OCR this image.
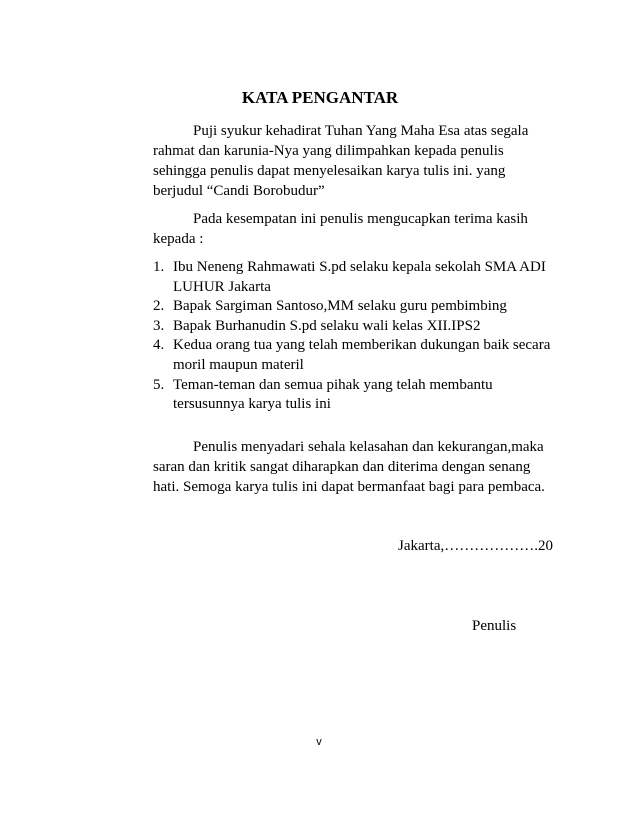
KATA PENGANTAR

Puji syukur kehadirat Tuhan Yang Maha Esa atas segala rahmat dan karunia-Nya yang dilimpahkan kepada penulis sehingga penulis dapat menyelesaikan karya tulis ini. yang berjudul “Candi Borobudur”

Pada kesempatan ini penulis mengucapkan terima kasih kepada :

1. Ibu Neneng Rahmawati S.pd selaku kepala sekolah SMA ADI LUHUR Jakarta
2. Bapak Sargiman Santoso,MM selaku guru pembimbing
3. Bapak Burhanudin S.pd selaku wali kelas XII.IPS2
4. Kedua orang tua yang telah memberikan dukungan baik secara moril maupun materil
5. Teman-teman dan semua pihak yang telah membantu tersusunnya karya tulis ini

Penulis menyadari sehala kelasahan dan kekurangan,maka saran dan kritik sangat diharapkan dan diterima dengan senang hati. Semoga karya tulis ini dapat bermanfaat bagi para pembaca.

Jakarta,……………….20
Penulis
v
